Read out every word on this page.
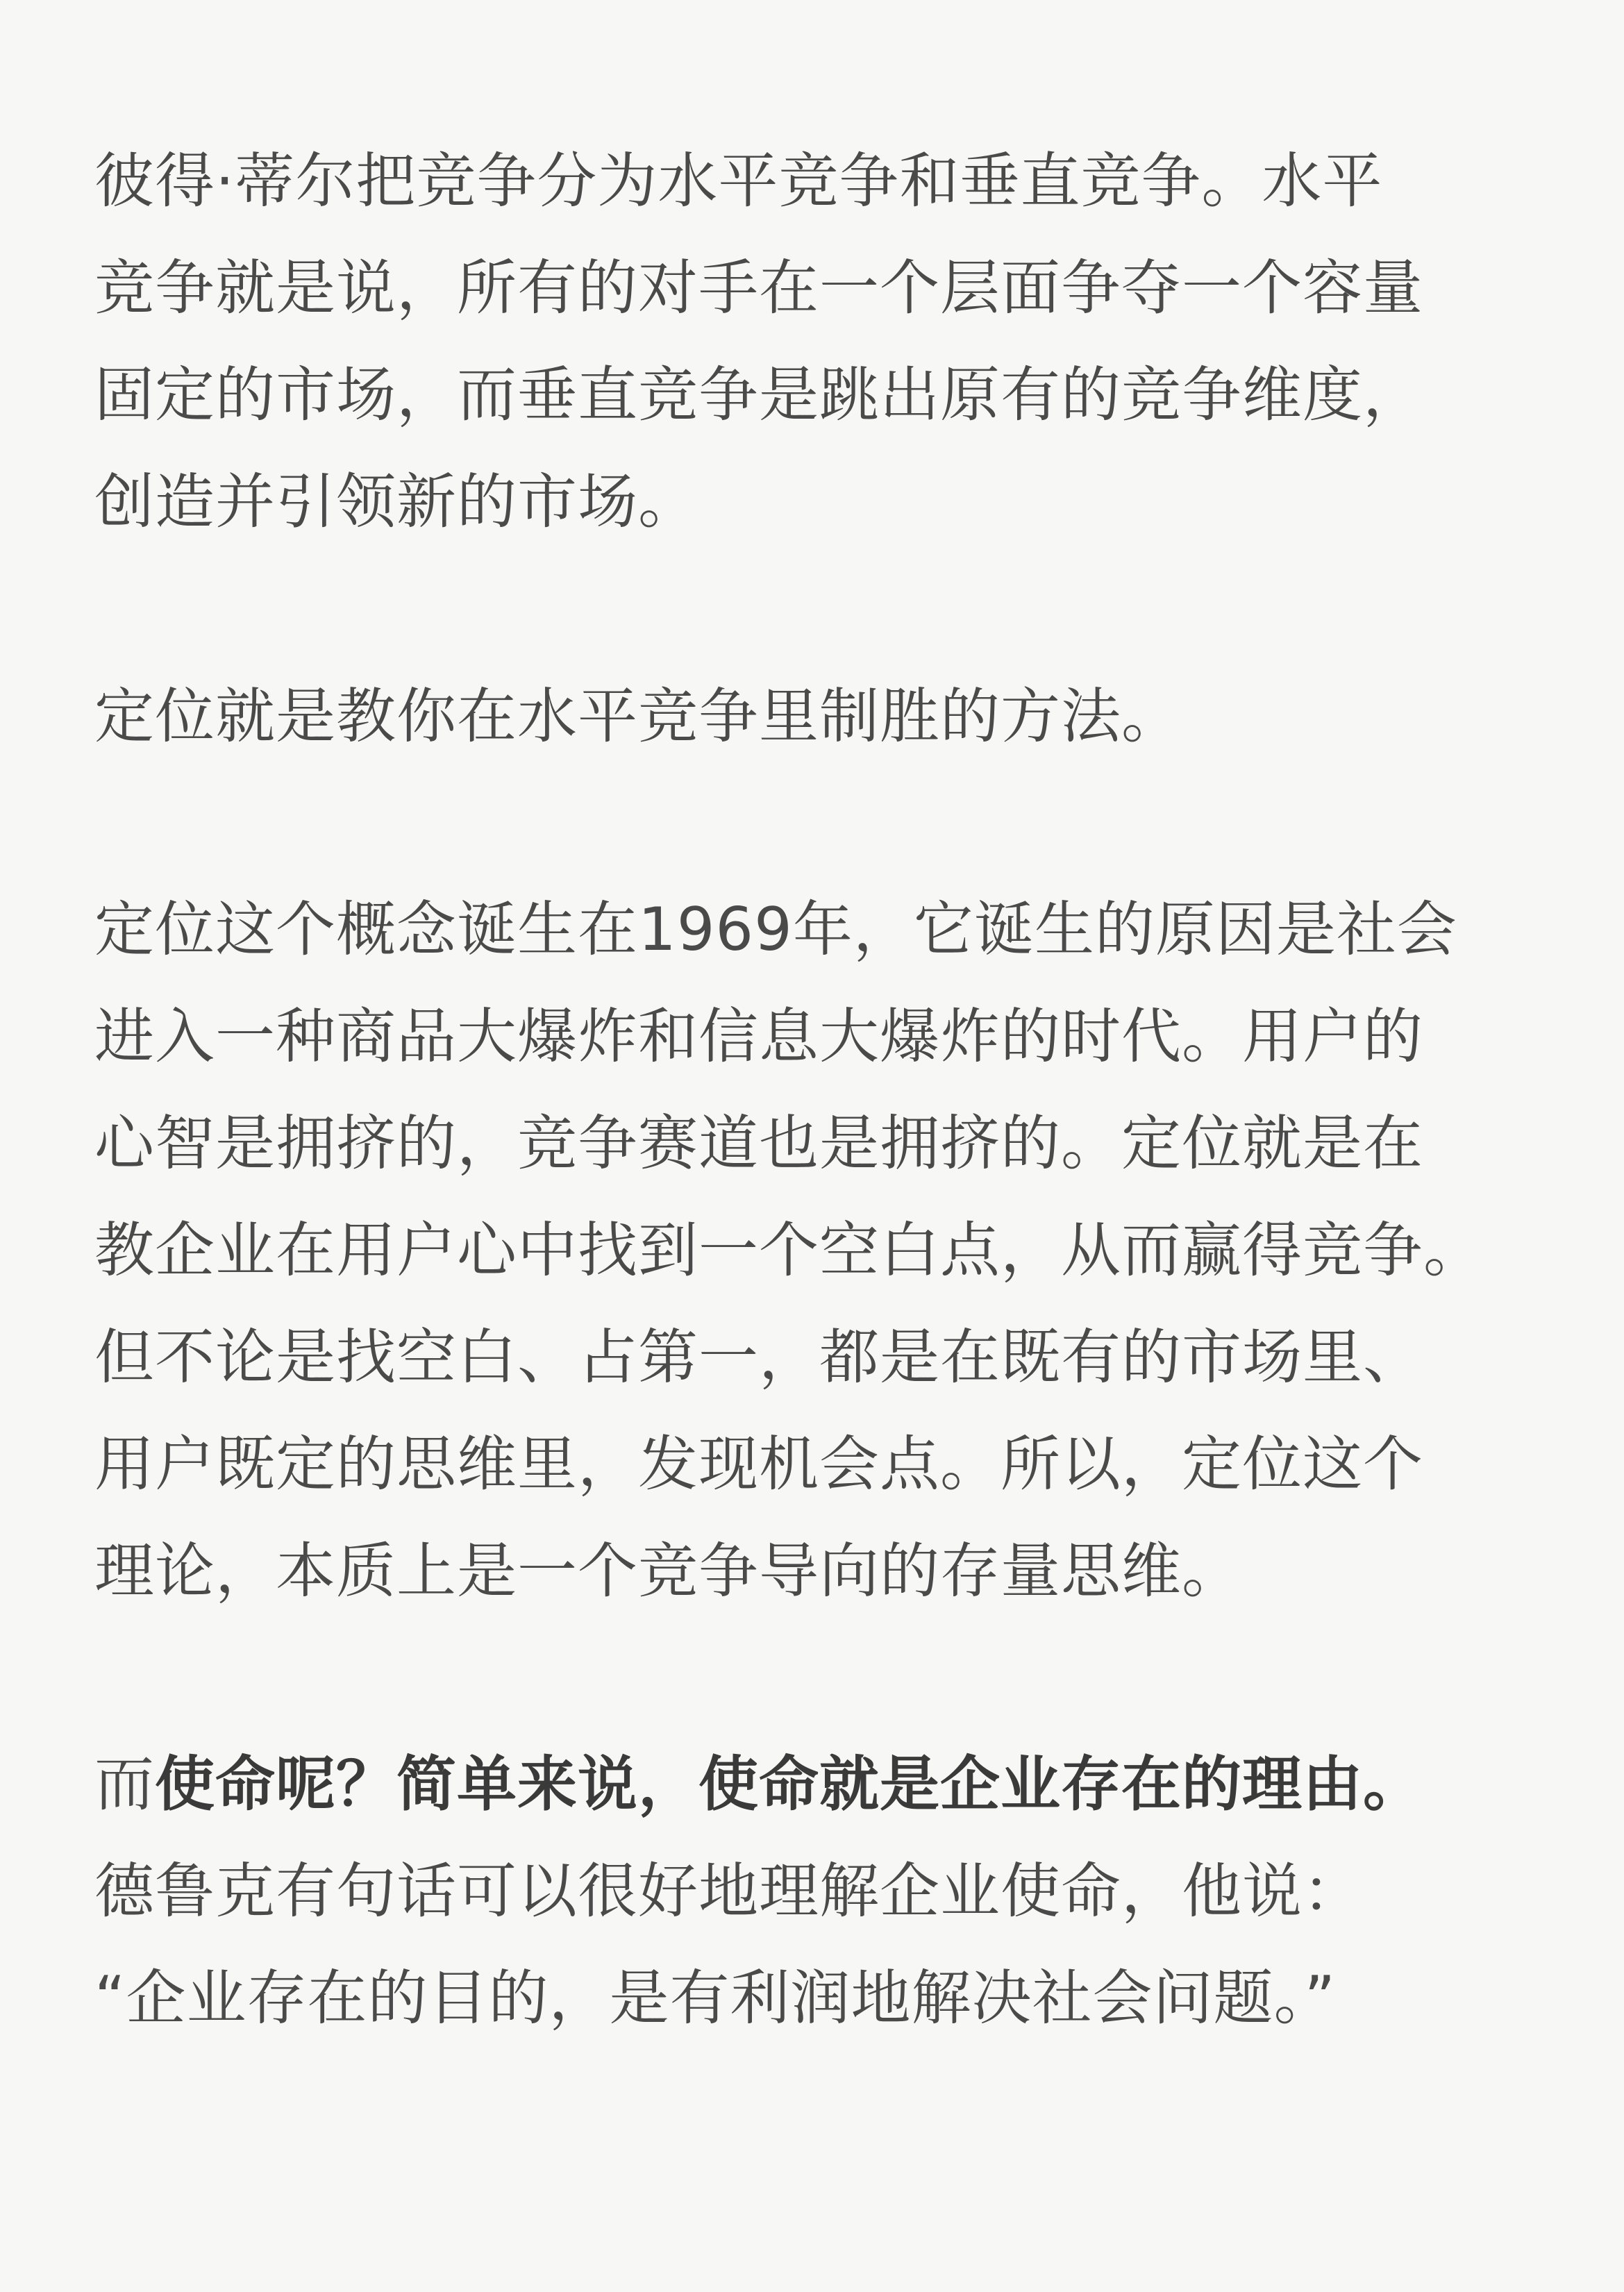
彼得·蒂尔把竞争分为水平竞争和垂直竞争。水平
竞争就是说，所有的对手在一个层面争夺一个容量
固定的市场，而垂直竞争是跳出原有的竞争维度，
创造并引领新的市场。

定位就是教你在水平竞争里制胜的方法。

定位这个概念诞生在1969年，它诞生的原因是社会
进入一种商品大爆炸和信息大爆炸的时代。用户的
心智是拥挤的，竞争赛道也是拥挤的。定位就是在
教企业在用户心中找到一个空白点，从而赢得竞争。
但不论是找空白、占第一，都是在既有的市场里、
用户既定的思维里，发现机会点。所以，定位这个
理论，本质上是一个竞争导向的存量思维。

而使命呢？简单来说，使命就是企业存在的理由。
德鲁克有句话可以很好地理解企业使命，他说：
“企业存在的目的，是有利润地解决社会问题。”
